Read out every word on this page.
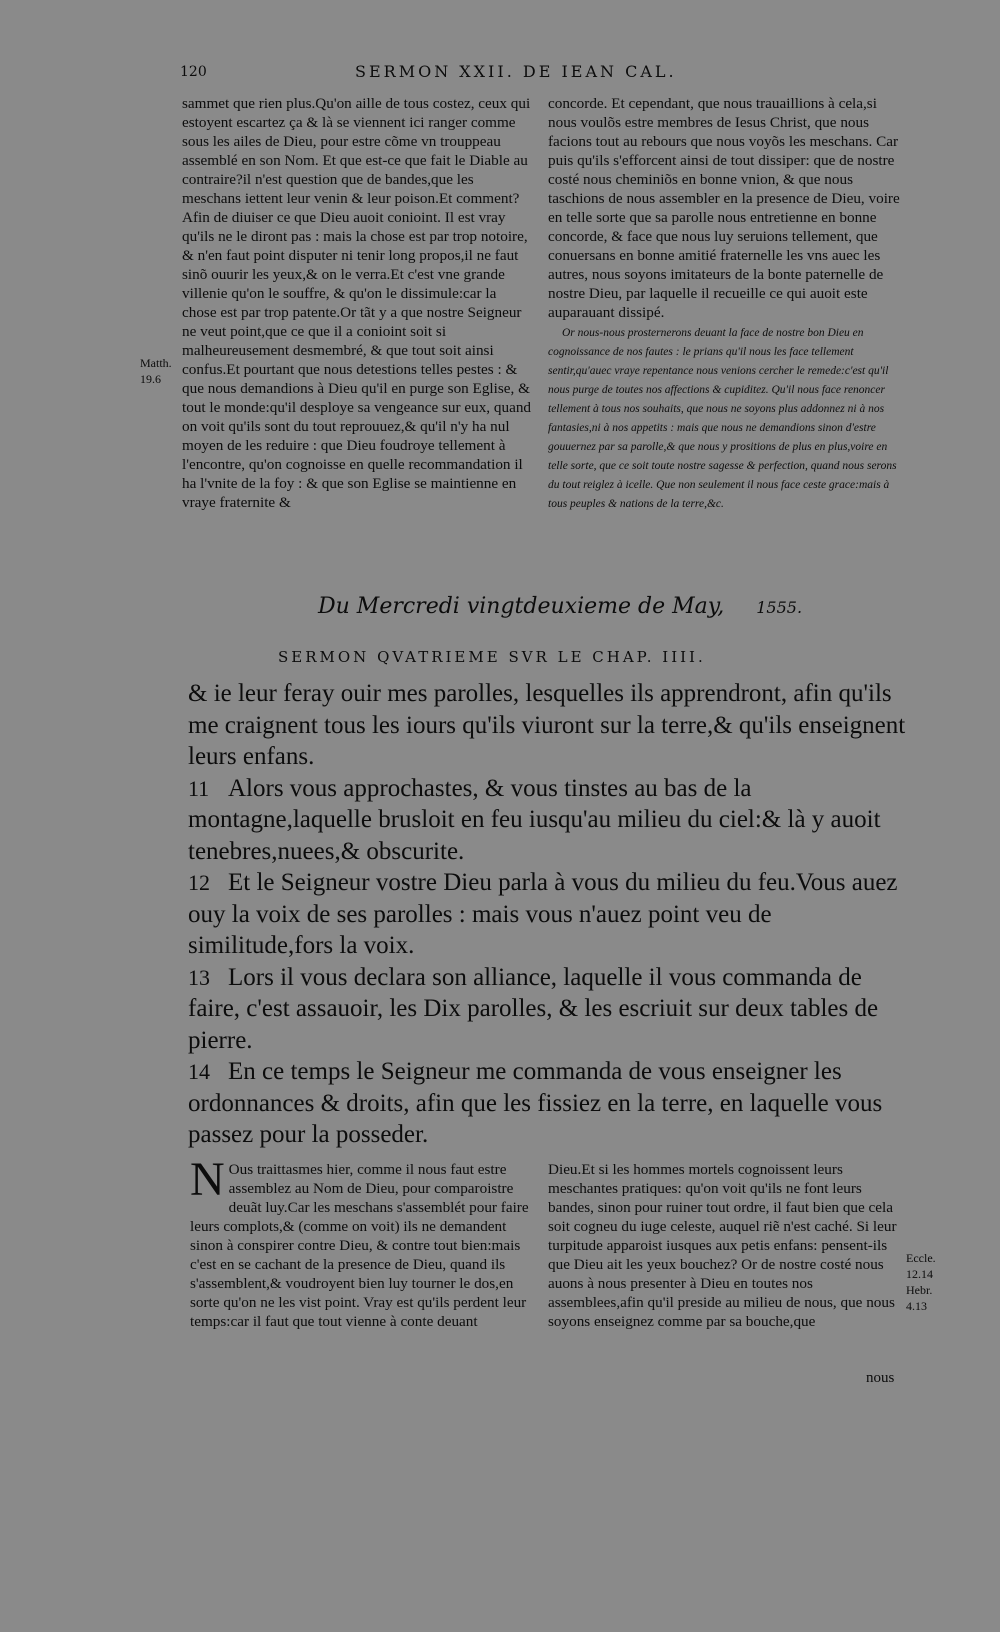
120	SERMON XXII. DE IEAN CAL.

sammet que rien plus.Qu'on aille de tous costez, ceux qui estoyent escartez ça & là se viennent ici ranger comme sous les ailes de Dieu, pour estre cõme vn trouppeau assemblé en son Nom. Et que est-ce que fait le Diable au contraire?il n'est question que de bandes,que les meschans iettent leur venin & leur poison.Et comment?Afin de diuiser ce que Dieu auoit conioint. Il est vray qu'ils ne le diront pas : mais la chose est par trop notoire, & n'en faut point disputer ni tenir long propos,il ne faut sinõ ouurir les yeux,& on le verra.Et c'est vne grande villenie qu'on le souffre, & qu'on le dissimule:car la chose est par trop patente.Or tãt y a que nostre Seigneur ne veut point,que ce que il a conioint soit si malheureusement desmembré, & que tout soit ainsi confus.Et pourtant que nous detestions telles pestes : & que nous demandions à Dieu qu'il en purge son Eglise, & tout le monde:qu'il desploye sa vengeance sur eux, quand on voit qu'ils sont du tout reprouuez,& qu'il n'y ha nul moyen de les reduire : que Dieu foudroye tellement à l'encontre, qu'on cognoisse en quelle recommandation il ha l'vnite de la foy : & que son Eglise se maintienne en vraye fraternite &

Matth.
19.6

concorde. Et cependant, que nous trauaillions à cela,si nous voulõs estre membres de Iesus Christ, que nous facions tout au rebours que nous voyõs les meschans. Car puis qu'ils s'efforcent ainsi de tout dissiper: que de nostre costé nous cheminiõs en bonne vnion, & que nous taschions de nous assembler en la presence de Dieu, voire en telle sorte que sa parolle nous entretienne en bonne concorde, & face que nous luy seruions tellement, que conuersans en bonne amitié fraternelle les vns auec les autres, nous soyons imitateurs de la bonte paternelle de nostre Dieu, par laquelle il recueille ce qui auoit este auparauant dissipé.

Or nous-nous prosternerons deuant la face de nostre bon Dieu en cognoissance de nos fautes : le prians qu'il nous les face tellement sentir,qu'auec vraye repentance nous venions cercher le remede:c'est qu'il nous purge de toutes nos affections & cupiditez. Qu'il nous face renoncer tellement à tous nos souhaits, que nous ne soyons plus addonnez ni à nos fantasies,ni à nos appetits : mais que nous ne demandions sinon d'estre gouuernez par sa parolle,& que nous y prositions de plus en plus,voire en telle sorte, que ce soit toute nostre sagesse & perfection, quand nous serons du tout reiglez à icelle. Que non seulement il nous face ceste grace:mais à tous peuples & nations de la terre,&c.

Du Mercredi vingtdeuxieme de May, 1555.
SERMON QVATRIEME SVR LE CHAP. IIII.

& ie leur feray ouir mes parolles, lesquelles ils apprendront, afin qu'ils me craignent tous les iours qu'ils viuront sur la terre,& qu'ils enseignent leurs enfans.

11 Alors vous approchastes, & vous tinstes au bas de la montagne,laquelle brusloit en feu iusqu'au milieu du ciel:& là y auoit tenebres,nuees,& obscurite.

12 Et le Seigneur vostre Dieu parla à vous du milieu du feu.Vous auez ouy la voix de ses parolles : mais vous n'auez point veu de similitude,fors la voix.

13 Lors il vous declara son alliance, laquelle il vous commanda de faire, c'est assauoir, les Dix parolles, & les escriuit sur deux tables de pierre.

14 En ce temps le Seigneur me commanda de vous enseigner les ordonnances & droits, afin que les fissiez en la terre, en laquelle vous passez pour la posseder.

N Ous traittasmes hier, comme il nous faut estre assemblez au Nom de Dieu, pour comparoistre deuãt luy.Car les meschans s'assemblét pour faire leurs complots,& (comme on voit) ils ne demandent sinon à conspirer contre Dieu, & contre tout bien:mais c'est en se cachant de la presence de Dieu, quand ils s'assemblent,& voudroyent bien luy tourner le dos,en sorte qu'on ne les vist point. Vray est qu'ils perdent leur temps:car il faut que tout vienne à conte deuant

Dieu.Et si les hommes mortels cognoissent leurs meschantes pratiques: qu'on voit qu'ils ne font leurs bandes, sinon pour ruiner tout ordre, il faut bien que cela soit cogneu du iuge celeste, auquel riẽ n'est caché. Si leur turpitude apparoist iusques aux petis enfans: pensent-ils que Dieu ait les yeux bouchez? Or de nostre costé nous auons à nous presenter à Dieu en toutes nos assemblees,afin qu'il preside au milieu de nous, que nous soyons enseignez comme par sa bouche,que

Eccle.
12.14
Hebr.
4.13
nous
